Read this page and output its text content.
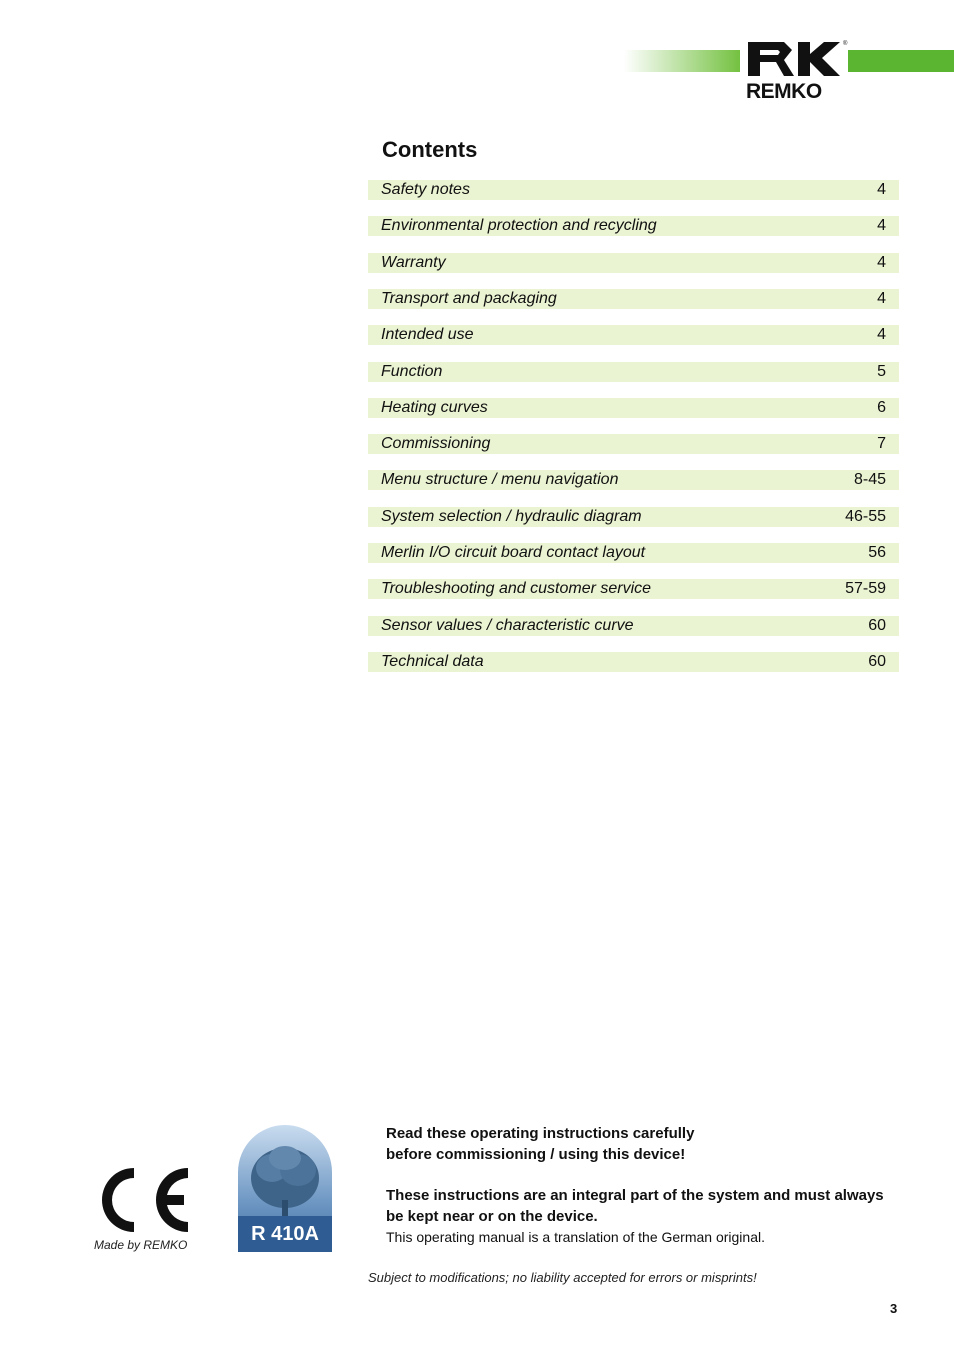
®
REMKO
Contents
Safety notes	4
Environmental protection and recycling	4
Warranty	4
Transport and packaging	4
Intended use	4
Function	5
Heating curves	6
Commissioning	7
Menu structure / menu navigation	8-45
System selection / hydraulic diagram	46-55
Merlin I/O circuit board contact layout	56
Troubleshooting and customer service	57-59
Sensor values / characteristic curve	60
Technical data	60
Made by REMKO	R 410A

Read these operating instructions carefully

before commissioning / using this device!

These instructions are an integral part of the system and must always

be kept near or on the device.

This operating manual is a translation of the German original.

Subject to modifications; no liability accepted for errors or misprints!
3
